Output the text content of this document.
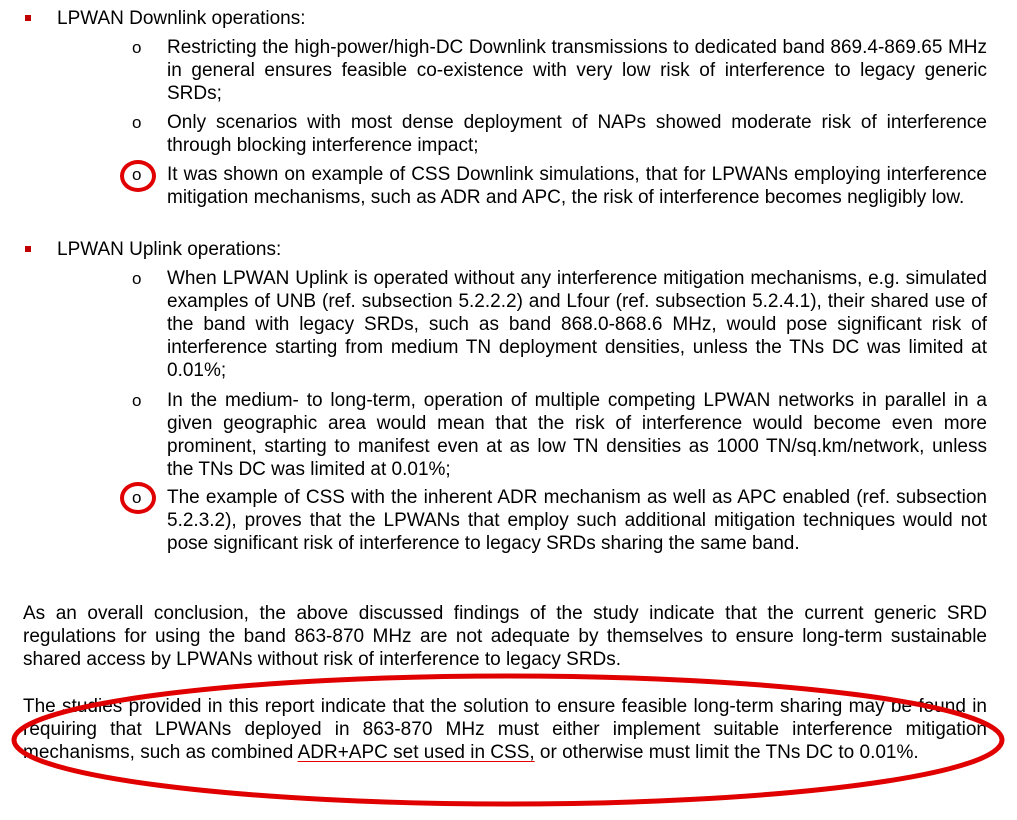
LPWAN Downlink operations:
o Restricting the high-power/high-DC Downlink transmissions to dedicated band 869.4-869.65 MHz in general ensures feasible co-existence with very low risk of interference to legacy generic SRDs;
o Only scenarios with most dense deployment of NAPs showed moderate risk of interference through blocking interference impact;
o It was shown on example of CSS Downlink simulations, that for LPWANs employing interference mitigation mechanisms, such as ADR and APC, the risk of interference becomes negligibly low.
LPWAN Uplink operations:
o When LPWAN Uplink is operated without any interference mitigation mechanisms, e.g. simulated examples of UNB (ref. subsection 5.2.2.2) and Lfour (ref. subsection 5.2.4.1), their shared use of the band with legacy SRDs, such as band 868.0-868.6 MHz, would pose significant risk of interference starting from medium TN deployment densities, unless the TNs DC was limited at 0.01%;
o In the medium- to long-term, operation of multiple competing LPWAN networks in parallel in a given geographic area would mean that the risk of interference would become even more prominent, starting to manifest even at as low TN densities as 1000 TN/sq.km/network, unless the TNs DC was limited at 0.01%;
o The example of CSS with the inherent ADR mechanism as well as APC enabled (ref. subsection 5.2.3.2), proves that the LPWANs that employ such additional mitigation techniques would not pose significant risk of interference to legacy SRDs sharing the same band.
As an overall conclusion, the above discussed findings of the study indicate that the current generic SRD regulations for using the band 863-870 MHz are not adequate by themselves to ensure long-term sustainable shared access by LPWANs without risk of interference to legacy SRDs.
The studies provided in this report indicate that the solution to ensure feasible long-term sharing may be found in requiring that LPWANs deployed in 863-870 MHz must either implement suitable interference mitigation mechanisms, such as combined ADR+APC set used in CSS, or otherwise must limit the TNs DC to 0.01%.
